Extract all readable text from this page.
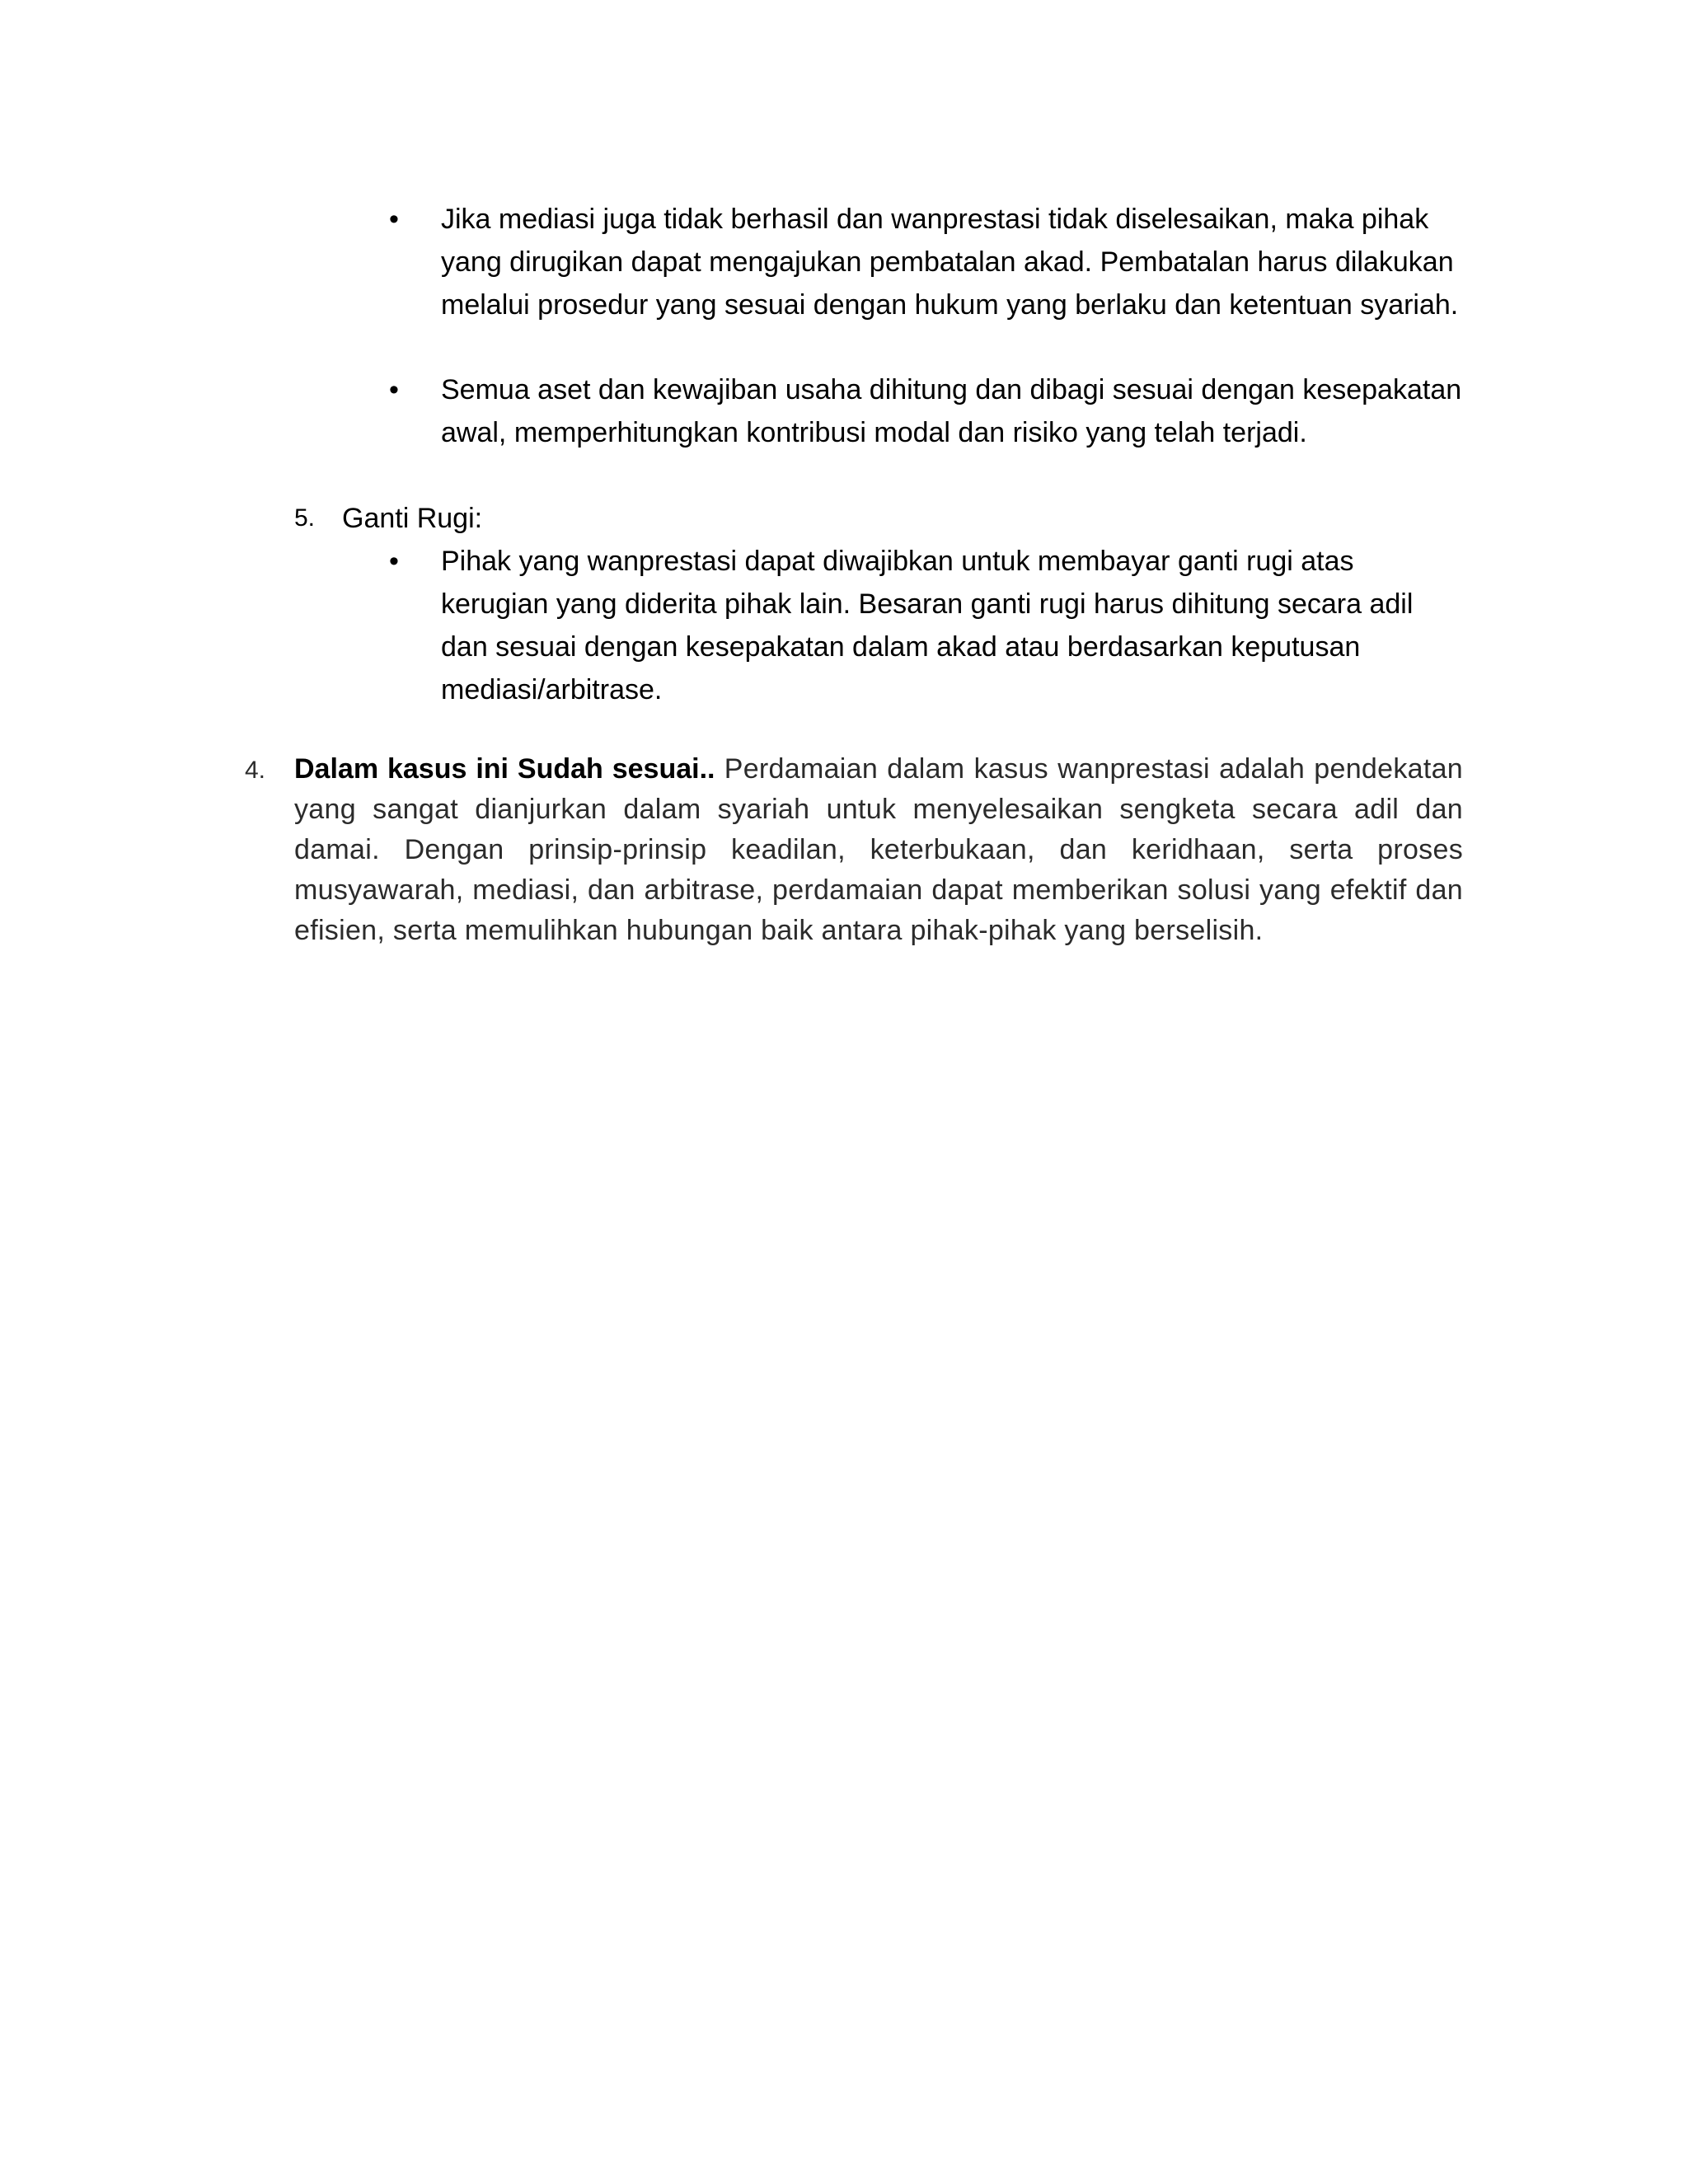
• Jika mediasi juga tidak berhasil dan wanprestasi tidak diselesaikan, maka pihak yang dirugikan dapat mengajukan pembatalan akad. Pembatalan harus dilakukan melalui prosedur yang sesuai dengan hukum yang berlaku dan ketentuan syariah.

• Semua aset dan kewajiban usaha dihitung dan dibagi sesuai dengan kesepakatan awal, memperhitungkan kontribusi modal dan risiko yang telah terjadi.

5. Ganti Rugi:
• Pihak yang wanprestasi dapat diwajibkan untuk membayar ganti rugi atas kerugian yang diderita pihak lain. Besaran ganti rugi harus dihitung secara adil dan sesuai dengan kesepakatan dalam akad atau berdasarkan keputusan mediasi/arbitrase.

4. Dalam kasus ini Sudah sesuai.. Perdamaian dalam kasus wanprestasi adalah pendekatan yang sangat dianjurkan dalam syariah untuk menyelesaikan sengketa secara adil dan damai. Dengan prinsip-prinsip keadilan, keterbukaan, dan keridhaan, serta proses musyawarah, mediasi, dan arbitrase, perdamaian dapat memberikan solusi yang efektif dan efisien, serta memulihkan hubungan baik antara pihak-pihak yang berselisih.
